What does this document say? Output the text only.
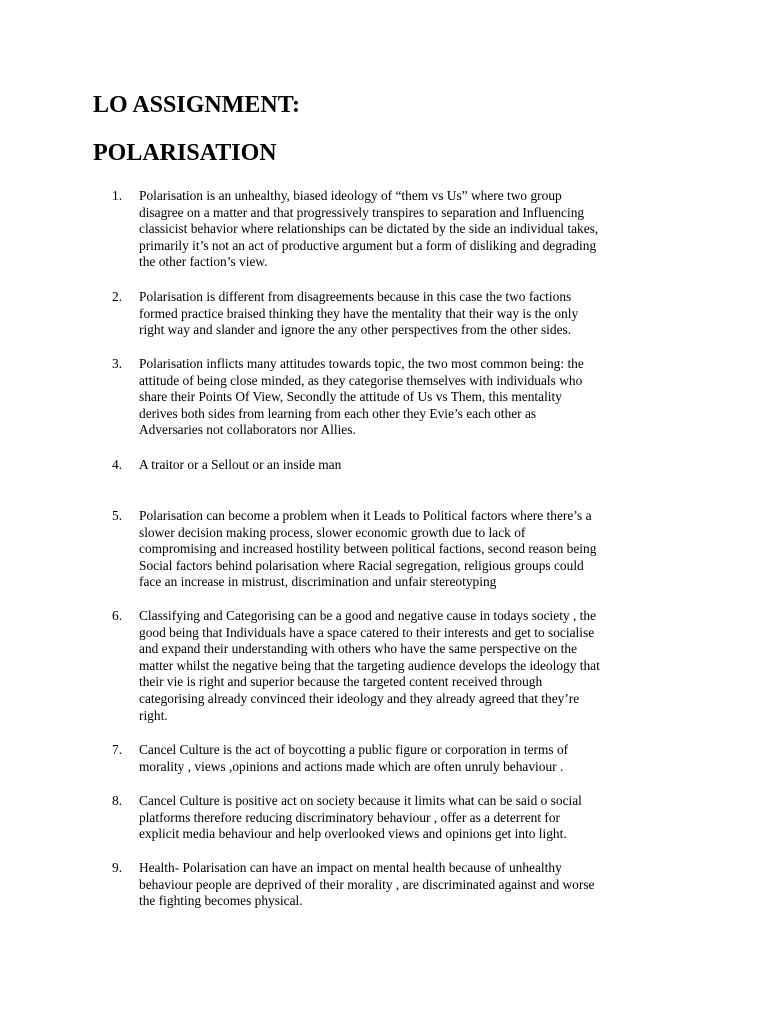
LO ASSIGNMENT:
POLARISATION
1.	Polarisation is an unhealthy, biased ideology of “them vs Us” where two group
disagree on a matter and that progressively transpires to separation and Influencing
classicist behavior where relationships can be dictated by the side an individual takes,
primarily it’s not an act of productive argument but a form of disliking and degrading
the other faction’s view.
2.	Polarisation is different from disagreements because in this case the two factions
formed practice braised thinking they have the mentality that their way is the only
right way and slander and ignore the any other perspectives from the other sides.
3.	Polarisation inflicts many attitudes towards topic, the two most common being: the
attitude of being close minded, as they categorise themselves with individuals who
share their Points Of View, Secondly the attitude of Us vs Them, this mentality
derives both sides from learning from each other they Evie’s each other as
Adversaries not collaborators nor Allies.
4.	A traitor or a Sellout or an inside man
5.	Polarisation can become a problem when it Leads to Political factors where there’s a
slower decision making process, slower economic growth due to lack of
compromising and increased hostility between political factions, second reason being
Social factors behind polarisation where Racial segregation, religious groups could
face an increase in mistrust, discrimination and unfair stereotyping
6.	Classifying and Categorising can be a good and negative cause in todays society , the
good being that Individuals have a space catered to their interests and get to socialise
and expand their understanding with others who have the same perspective on the
matter whilst the negative being that the targeting audience develops the ideology that
their vie is right and superior because the targeted content received through
categorising already convinced their ideology and they already agreed that they’re
right.
7.	Cancel Culture is the act of boycotting a public figure or corporation in terms of
morality , views ,opinions and actions made which are often unruly behaviour .
8.	Cancel Culture is positive act on society because it limits what can be said o social
platforms therefore reducing discriminatory behaviour , offer as a deterrent for
explicit media behaviour and help overlooked views and opinions get into light.
9.	Health- Polarisation can have an impact on mental health because of unhealthy
behaviour people are deprived of their morality , are discriminated against and worse
the fighting becomes physical.
